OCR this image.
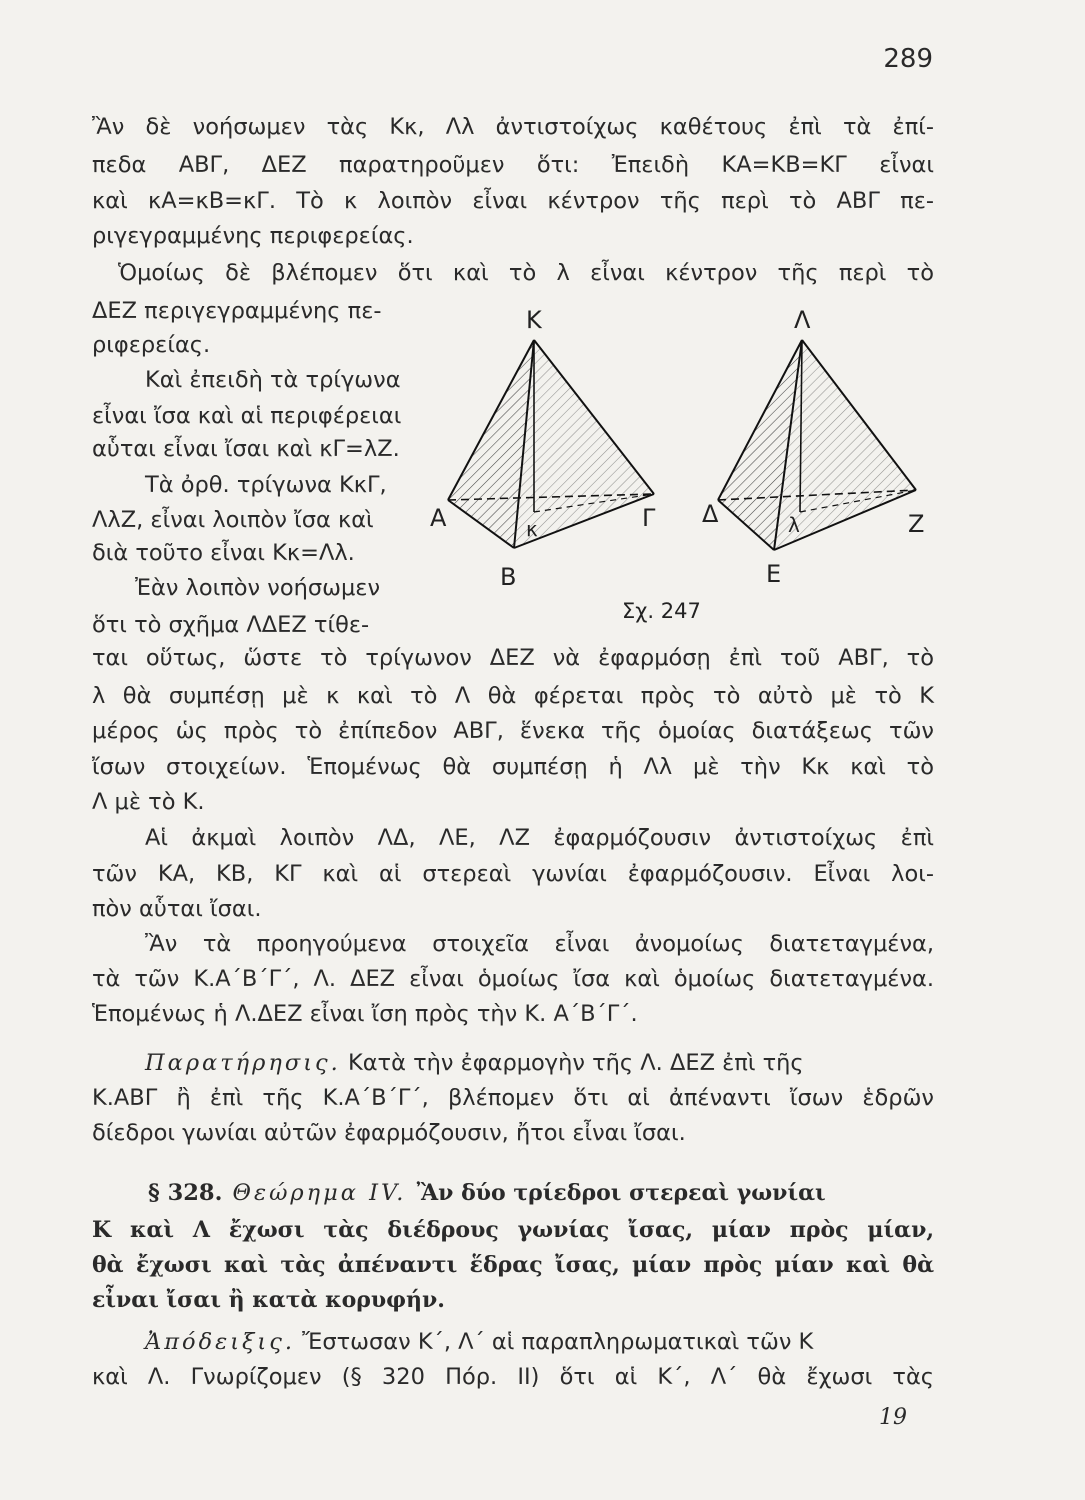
289
Ἂν δὲ νοήσωμεν τὰς Κκ, Λλ ἀντιστοίχως καθέτους ἐπὶ τὰ ἐπί-
πεδα ΑΒΓ, ΔΕΖ παρατηροῦμεν ὅτι: Ἐπειδὴ ΚΑ=ΚΒ=ΚΓ εἶναι
καὶ κΑ=κΒ=κΓ. Τὸ κ λοιπὸν εἶναι κέντρον τῆς περὶ τὸ ΑΒΓ πε-
ριγεγραμμένης περιφερείας.
Ὁμοίως δὲ βλέπομεν ὅτι καὶ τὸ λ εἶναι κέντρον τῆς περὶ τὸ
ΔΕΖ περιγεγραμμένης πε-
ριφερείας.
Καὶ ἐπειδὴ τὰ τρίγωνα
εἶναι ἴσα καὶ αἱ περιφέρειαι
αὗται εἶναι ἴσαι καὶ κΓ=λΖ.
Τὰ ὀρθ. τρίγωνα ΚκΓ,
ΛλΖ, εἶναι λοιπὸν ἴσα καὶ
διὰ τοῦτο εἶναι Κκ=Λλ.
Ἐὰν λοιπὸν νοήσωμεν
ὅτι τὸ σχῆμα ΛΔΕΖ τίθε-
ται οὕτως, ὥστε τὸ τρίγωνον ΔΕΖ νὰ ἐφαρμόσῃ ἐπὶ τοῦ ΑΒΓ, τὸ
λ θὰ συμπέσῃ μὲ κ καὶ τὸ Λ θὰ φέρεται πρὸς τὸ αὐτὸ μὲ τὸ Κ
μέρος ὡς πρὸς τὸ ἐπίπεδον ΑΒΓ, ἕνεκα τῆς ὁμοίας διατάξεως τῶν
ἴσων στοιχείων. Ἑπομένως θὰ συμπέσῃ ἡ Λλ μὲ τὴν Κκ καὶ τὸ
Λ μὲ τὸ Κ.
Αἱ ἀκμαὶ λοιπὸν ΛΔ, ΛΕ, ΛΖ ἐφαρμόζουσιν ἀντιστοίχως ἐπὶ
τῶν ΚΑ, ΚΒ, ΚΓ καὶ αἱ στερεαὶ γωνίαι ἐφαρμόζουσιν. Εἶναι λοι-
πὸν αὗται ἴσαι.
Ἂν τὰ προηγούμενα στοιχεῖα εἶναι ἀνομοίως διατεταγμένα,
τὰ τῶν Κ.Α΄Β΄Γ΄, Λ. ΔΕΖ εἶναι ὁμοίως ἴσα καὶ ὁμοίως διατεταγμένα.
Ἑπομένως ἡ Λ.ΔΕΖ εἶναι ἴση πρὸς τὴν Κ. Α΄Β΄Γ΄.
Παρατήρησις. Κατὰ τὴν ἐφαρμογὴν τῆς Λ. ΔΕΖ ἐπὶ τῆς
Κ.ΑΒΓ ἢ ἐπὶ τῆς Κ.Α΄Β΄Γ΄, βλέπομεν ὅτι αἱ ἀπέναντι ἴσων ἑδρῶν
δίεδροι γωνίαι αὐτῶν ἐφαρμόζουσιν, ἤτοι εἶναι ἴσαι.
§ 328. Θεώρημα IV. Ἂν δύο τρίεδροι στερεαὶ γωνίαι
Κ καὶ Λ ἔχωσι τὰς διέδρους γωνίας ἴσας, μίαν πρὸς μίαν,
θὰ ἔχωσι καὶ τὰς ἀπέναντι ἕδρας ἴσας, μίαν πρὸς μίαν καὶ θὰ
εἶναι ἴσαι ἢ κατὰ κορυφήν.
Ἀπόδειξις. Ἔστωσαν Κ΄, Λ΄ αἱ παραπληρωματικαὶ τῶν Κ
καὶ Λ. Γνωρίζομεν (§ 320 Πόρ. II) ὅτι αἱ Κ΄, Λ΄ θὰ ἔχωσι τὰς
19
Κ
Α
Β
Γ
κ
Λ
Δ
Ε
Ζ
λ
Σχ. 247
